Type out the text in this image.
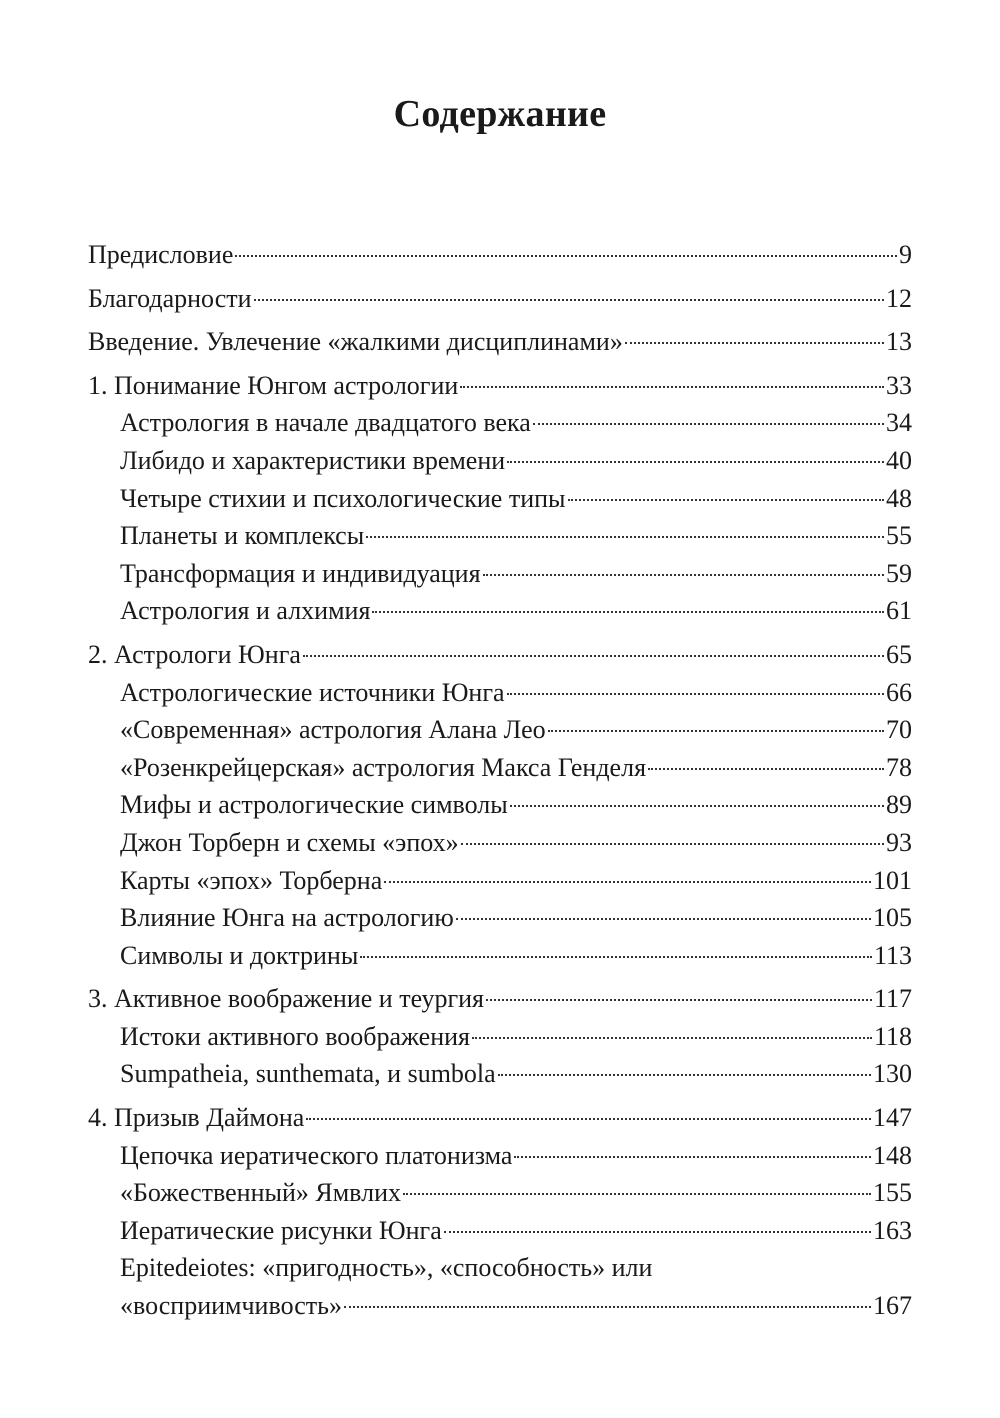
Содержание
Предисловие	9
Благодарности	12
Введение. Увлечение «жалкими дисциплинами»	13
1. Понимание Юнгом астрологии	33
Астрология в начале двадцатого века	34
Либидо и характеристики времени	40
Четыре стихии и психологические типы	48
Планеты и комплексы	55
Трансформация и индивидуация	59
Астрология и алхимия	61
2. Астрологи Юнга	65
Астрологические источники Юнга	66
«Современная» астрология Алана Лео	70
«Розенкрейцерская» астрология Макса Генделя	78
Мифы и астрологические символы	89
Джон Торберн и схемы «эпох»	93
Карты «эпох» Торберна	101
Влияние Юнга на астрологию	105
Символы и доктрины	113
3. Активное воображение и теургия	117
Истоки активного воображения	118
Sumpatheia, sunthemata, и sumbola	130
4. Призыв Даймона	147
Цепочка иератического платонизма	148
«Божественный» Ямвлих	155
Иератические рисунки Юнга	163
Epitedeiotes: «пригодность», «способность» или
«восприимчивость»	167
